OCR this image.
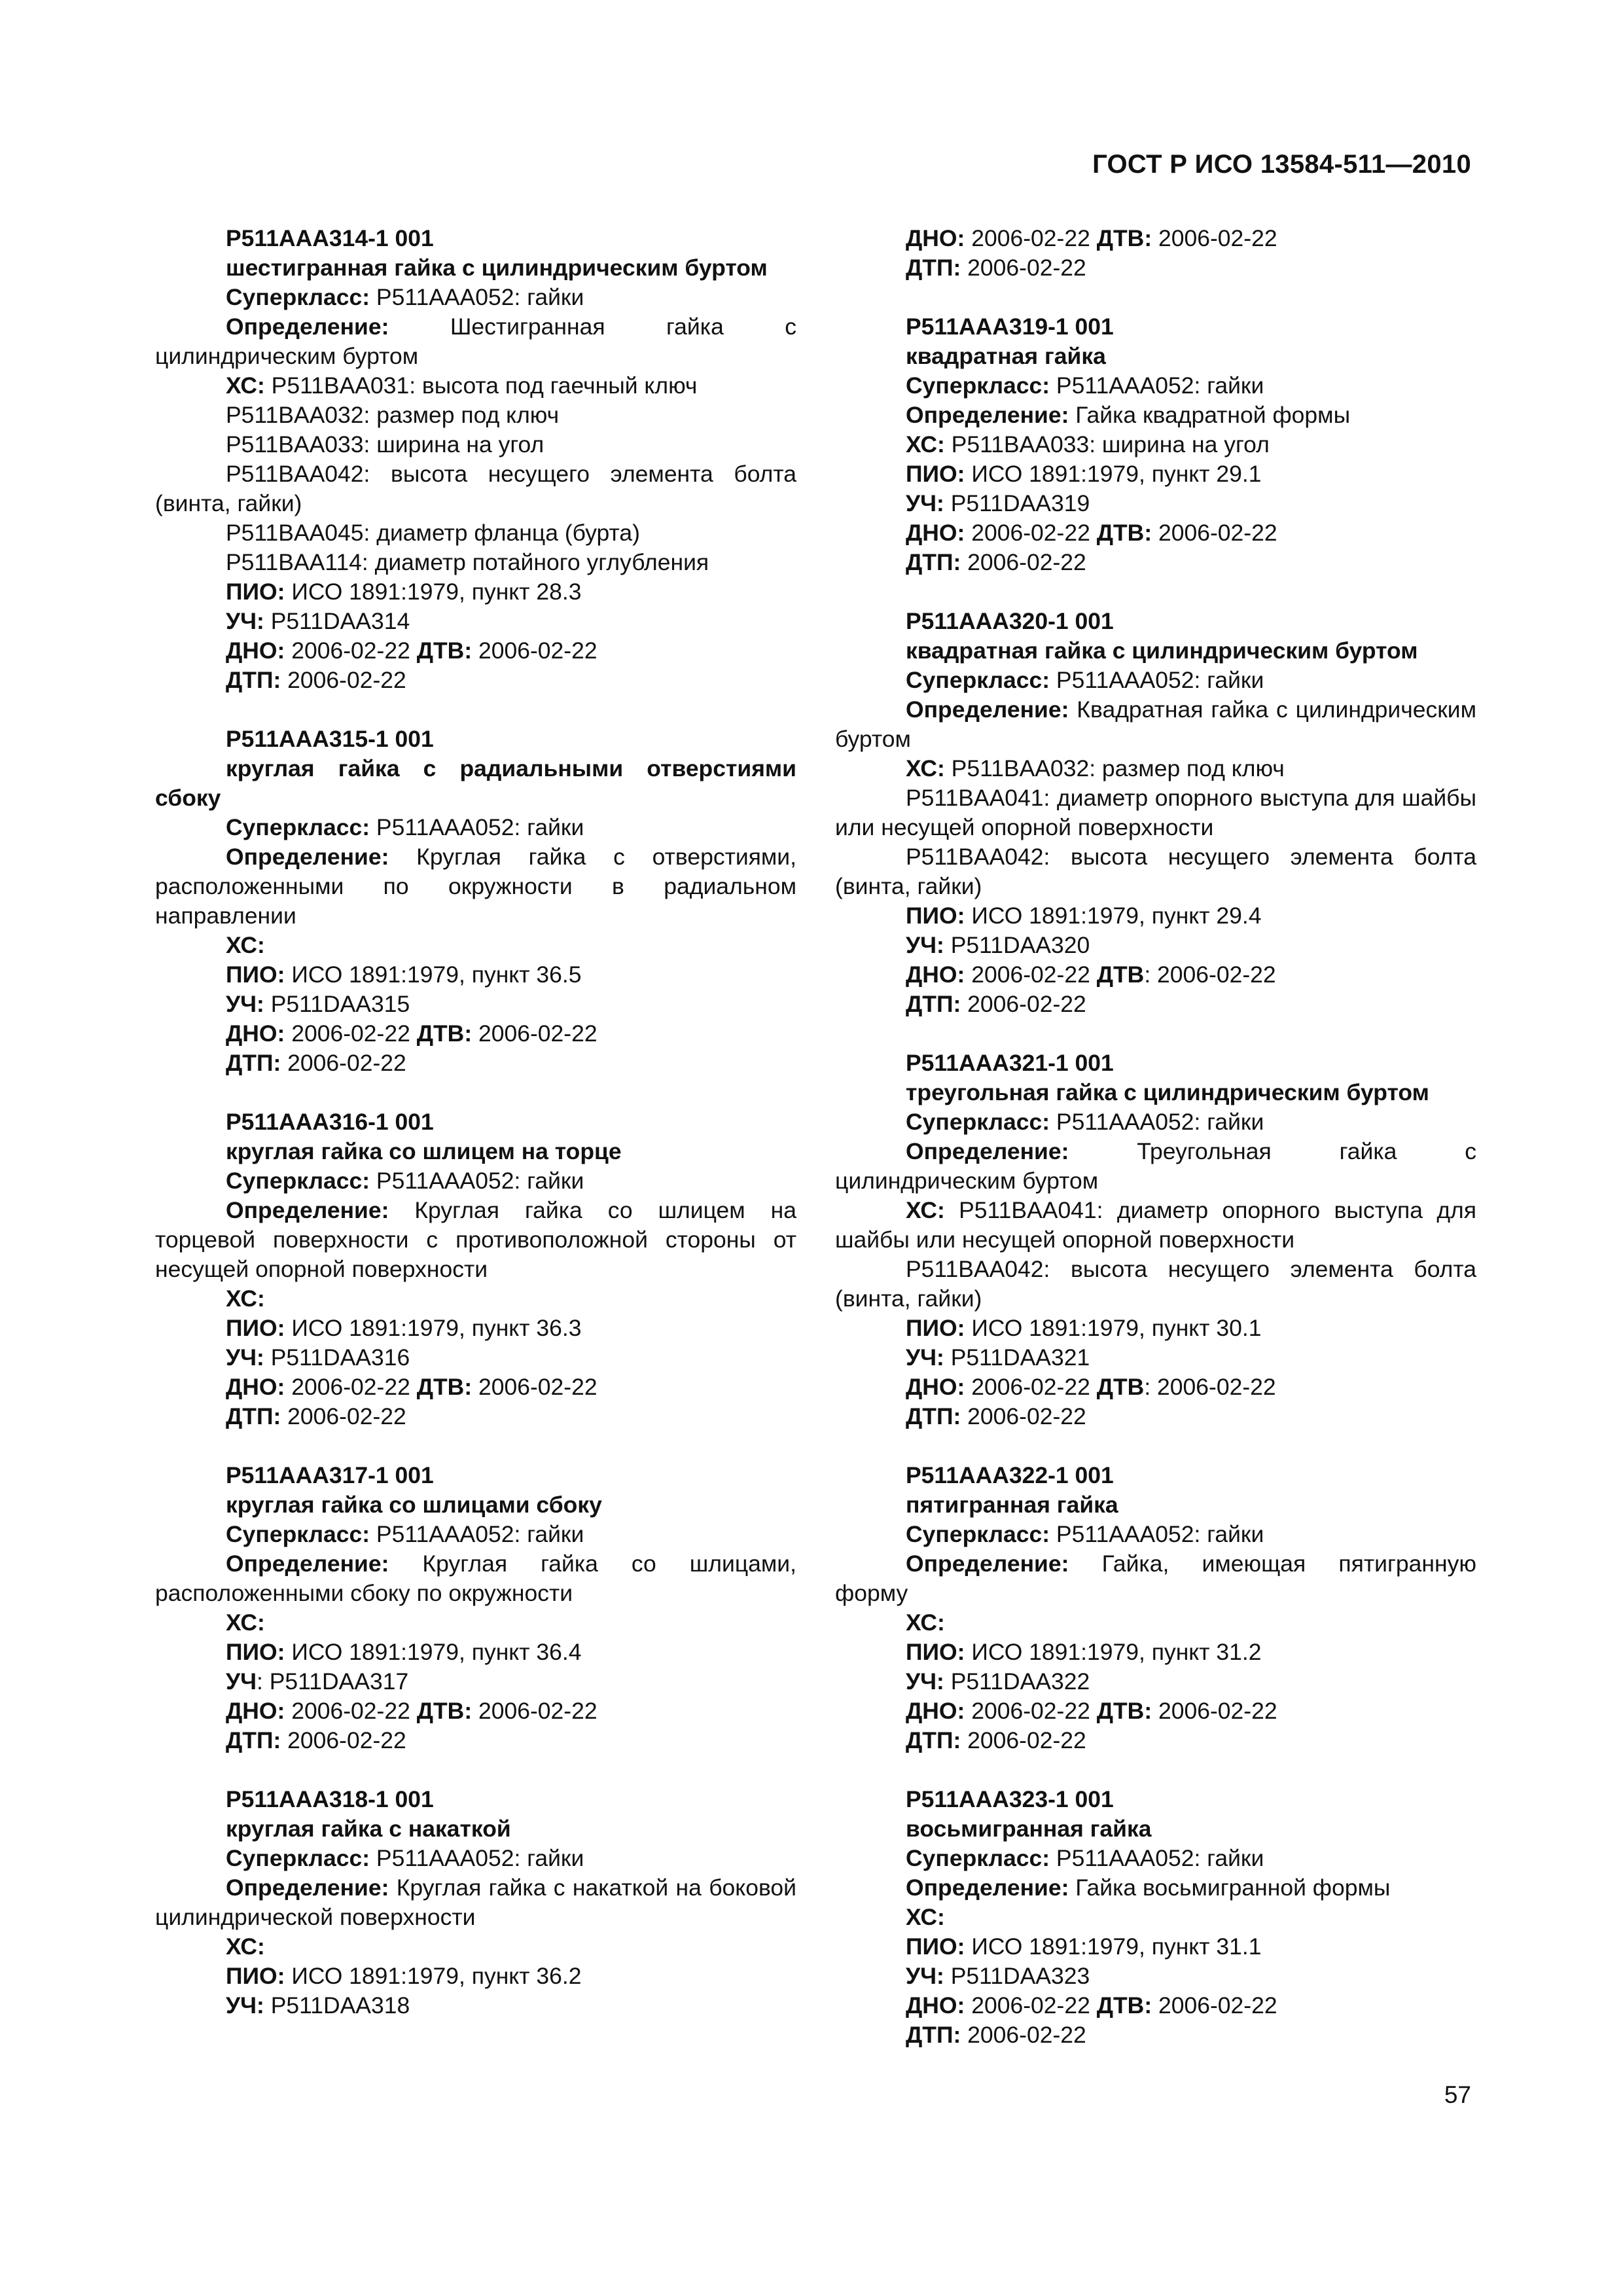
ГОСТ Р ИСО 13584-511—2010
P511AAA314-1 001
шестигранная гайка с цилиндрическим буртом
Суперкласс: P511AAA052: гайки
Определение: Шестигранная гайка с цилиндрическим буртом
ХС: P511BAA031: высота под гаечный ключ
P511BAA032: размер под ключ
P511BAA033: ширина на угол
P511BAA042: высота несущего элемента болта (винта, гайки)
P511BAA045: диаметр фланца (бурта)
P511BAA114: диаметр потайного углубления
ПИО: ИСО 1891:1979, пункт 28.3
УЧ: P511DAA314
ДНО: 2006-02-22 ДТВ: 2006-02-22
ДТП: 2006-02-22
P511AAA315-1 001
круглая гайка с радиальными отверстиями сбоку
Суперкласс: P511AAA052: гайки
Определение: Круглая гайка с отверстиями, расположенными по окружности в радиальном направлении
ХС:
ПИО: ИСО 1891:1979, пункт 36.5
УЧ: P511DAA315
ДНО: 2006-02-22 ДТВ: 2006-02-22
ДТП: 2006-02-22
P511AAA316-1 001
круглая гайка со шлицем на торце
Суперкласс: P511AAA052: гайки
Определение: Круглая гайка со шлицем на торцевой поверхности с противоположной стороны от несущей опорной поверхности
ХС:
ПИО: ИСО 1891:1979, пункт 36.3
УЧ: P511DAA316
ДНО: 2006-02-22 ДТВ: 2006-02-22
ДТП: 2006-02-22
P511AAA317-1 001
круглая гайка со шлицами сбоку
Суперкласс: P511AAA052: гайки
Определение: Круглая гайка со шлицами, расположенными сбоку по окружности
ХС:
ПИО: ИСО 1891:1979, пункт 36.4
УЧ: P511DAA317
ДНО: 2006-02-22 ДТВ: 2006-02-22
ДТП: 2006-02-22
P511AAA318-1 001
круглая гайка с накаткой
Суперкласс: P511AAA052: гайки
Определение: Круглая гайка с накаткой на боковой цилиндрической поверхности
ХС:
ПИО: ИСО 1891:1979, пункт 36.2
УЧ: P511DAA318
ДНО: 2006-02-22 ДТВ: 2006-02-22
ДТП: 2006-02-22
P511AAA319-1 001
квадратная гайка
Суперкласс: P511AAA052: гайки
Определение: Гайка квадратной формы
ХС: P511BAA033: ширина на угол
ПИО: ИСО 1891:1979, пункт 29.1
УЧ: P511DAA319
ДНО: 2006-02-22 ДТВ: 2006-02-22
ДТП: 2006-02-22
P511AAA320-1 001
квадратная гайка с цилиндрическим буртом
Суперкласс: P511AAA052: гайки
Определение: Квадратная гайка с цилиндрическим буртом
ХС: P511BAA032: размер под ключ
P511BAA041: диаметр опорного выступа для шайбы или несущей опорной поверхности
P511BAA042: высота несущего элемента болта (винта, гайки)
ПИО: ИСО 1891:1979, пункт 29.4
УЧ: P511DAA320
ДНО: 2006-02-22 ДТВ: 2006-02-22
ДТП: 2006-02-22
P511AAA321-1 001
треугольная гайка с цилиндрическим буртом
Суперкласс: P511AAA052: гайки
Определение: Треугольная гайка с цилиндрическим буртом
ХС: P511BAA041: диаметр опорного выступа для шайбы или несущей опорной поверхности
P511BAA042: высота несущего элемента болта (винта, гайки)
ПИО: ИСО 1891:1979, пункт 30.1
УЧ: P511DAA321
ДНО: 2006-02-22 ДТВ: 2006-02-22
ДТП: 2006-02-22
P511AAA322-1 001
пятигранная гайка
Суперкласс: P511AAA052: гайки
Определение: Гайка, имеющая пятигранную форму
ХС:
ПИО: ИСО 1891:1979, пункт 31.2
УЧ: P511DAA322
ДНО: 2006-02-22 ДТВ: 2006-02-22
ДТП: 2006-02-22
P511AAA323-1 001
восьмигранная гайка
Суперкласс: P511AAA052: гайки
Определение: Гайка восьмигранной формы
ХС:
ПИО: ИСО 1891:1979, пункт 31.1
УЧ: P511DAA323
ДНО: 2006-02-22 ДТВ: 2006-02-22
ДТП: 2006-02-22
57
